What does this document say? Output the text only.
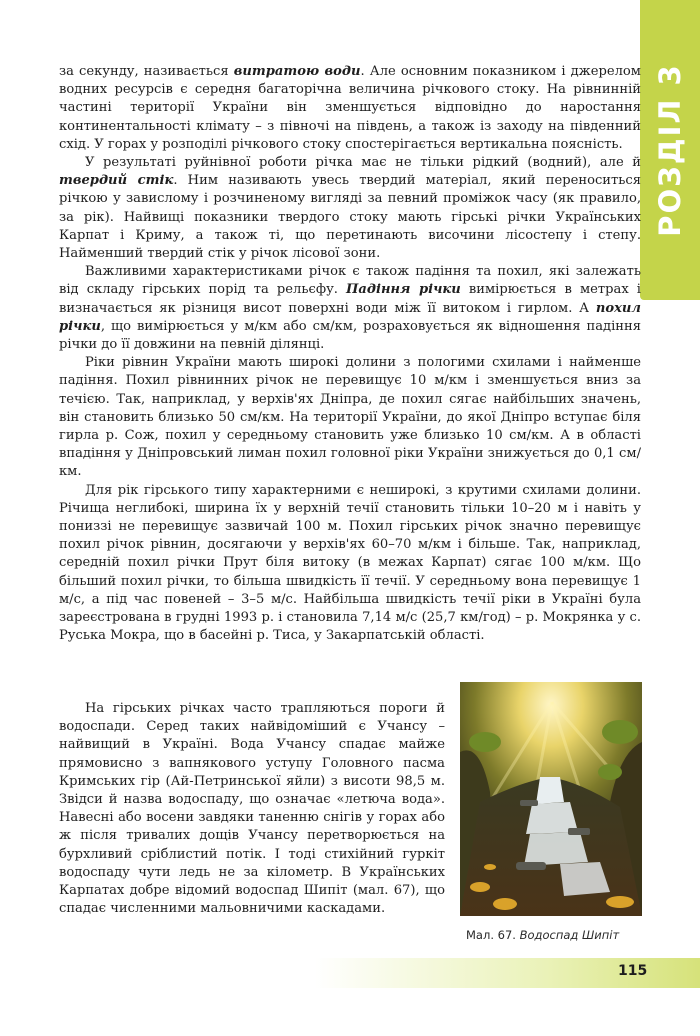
РОЗДІЛ 3

за секунду, називається витратою води. Але основним показником і джерелом водних ресурсів є середня багаторічна величина річкового стоку. На рівнинній частині території України він зменшується відповідно до наростання континентальності клімату – з півночі на південь, а також із заходу на південний схід. У горах у розподілі річкового стоку спостерігається вертикальна поясність.

У результаті руйнівної роботи річка має не тільки рідкий (водний), але й твердий стік. Ним називають увесь твердий матеріал, який переноситься річкою у завислому і розчиненому вигляді за певний проміжок часу (як правило, за рік). Найвищі показники твердого стоку мають гірські річки Українських Карпат і Криму, а також ті, що перетинають височини лісостепу і степу. Найменший твердий стік у річок лісової зони.

Важливими характеристиками річок є також падіння та похил, які залежать від складу гірських порід та рельєфу. Падіння річки вимірюється в метрах і визначається як різниця висот поверхні води між її витоком і гирлом. А похил річки, що вимірюється у м/км або см/км, розраховується як відношення падіння річки до її довжини на певній ділянці.

Ріки рівнин України мають широкі долини з пологими схилами і найменше падіння. Похил рівнинних річок не перевищує 10 м/км і зменшується вниз за течією. Так, наприклад, у верхів'ях Дніпра, де похил сягає найбільших значень, він становить близько 50 см/км. На території України, до якої Дніпро вступає біля гирла р. Сож, похил у середньому становить уже близько 10 см/км. А в області впадіння у Дніпровський лиман похил головної ріки України знижується до 0,1 см/км.

Для рік гірського типу характерними є неширокі, з крутими схилами долини. Річища неглибокі, ширина їх у верхній течії становить тільки 10–20 м і навіть у пониззі не перевищує зазвичай 100 м. Похил гірських річок значно перевищує похил річок рівнин, досягаючи у верхів'ях 60–70 м/км і більше. Так, наприклад, середній похил річки Прут біля витоку (в межах Карпат) сягає 100 м/км. Що більший похил річки, то більша швидкість її течії. У середньому вона перевищує 1 м/с, а під час повеней – 3–5 м/с. Найбільша швидкість течії ріки в Україні була зареєстрована в грудні 1993 р. і становила 7,14 м/с (25,7 км/год) – р. Мокрянка у с. Руська Мокра, що в басейні р. Тиса, у Закарпатській області.

На гірських річках часто трапляються пороги й водоспади. Серед таких найвідоміший є Учансу – найвищий в Україні. Вода Учансу спадає майже прямовисно з вапнякового уступу Головного пасма Кримських гір (Ай-Петринської яйли) з висоти 98,5 м. Звідси й назва водоспаду, що означає «летюча вода». Навесні або восени завдяки таненню снігів у горах або ж після тривалих дощів Учансу перетворюється на бурхливий сріблистий потік. І тоді стихійний гуркіт водоспаду чути ледь не за кілометр. В Українських Карпатах добре відомий водоспад Шипіт (мал. 67), що спадає численними мальовничими каскадами.

Мал. 67. Водоспад Шипіт
115
